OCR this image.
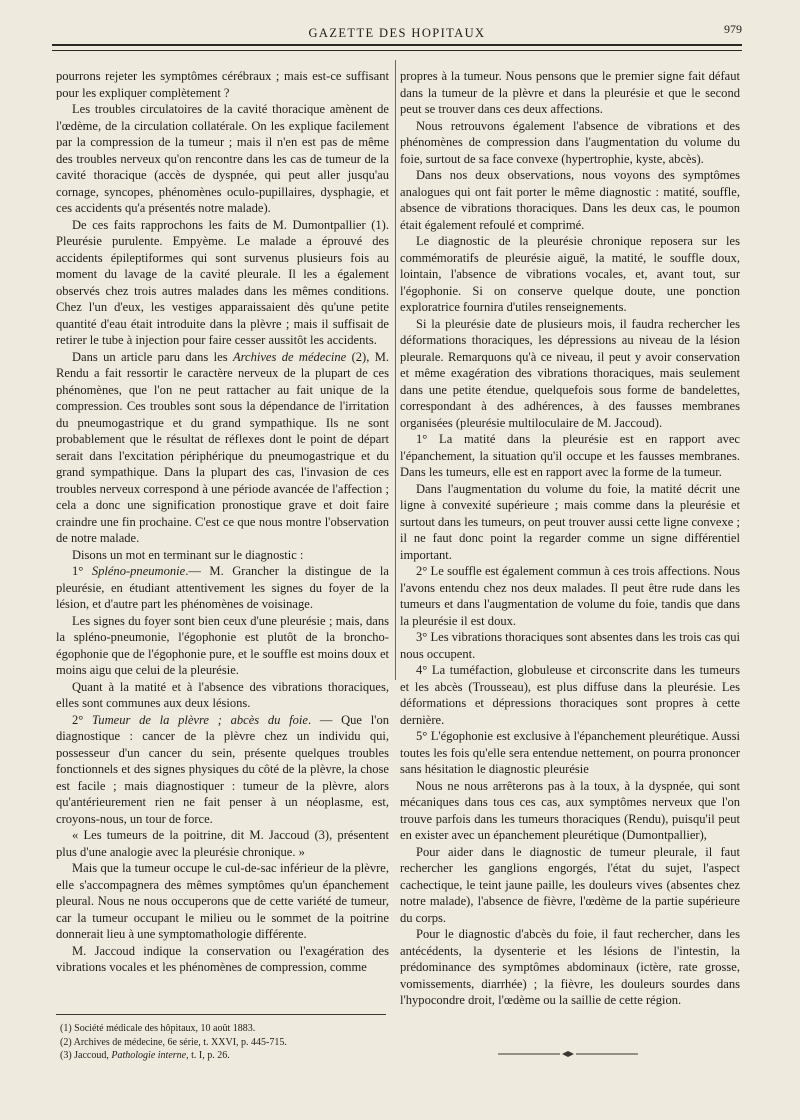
GAZETTE DES HOPITAUX	979

pourrons rejeter les symptômes cérébraux ; mais est-ce suffisant pour les expliquer complètement ?

Les troubles circulatoires de la cavité thoracique amènent de l'œdème, de la circulation collatérale. On les explique facilement par la compression de la tumeur ; mais il n'en est pas de même des troubles nerveux qu'on rencontre dans les cas de tumeur de la cavité thoracique (accès de dyspnée, qui peut aller jusqu'au cornage, syncopes, phénomènes oculo-pupillaires, dysphagie, et ces accidents qu'a présentés notre malade).

De ces faits rapprochons les faits de M. Dumontpallier (1). Pleurésie purulente. Empyème. Le malade a éprouvé des accidents épileptiformes qui sont survenus plusieurs fois au moment du lavage de la cavité pleurale. Il les a également observés chez trois autres malades dans les mêmes conditions. Chez l'un d'eux, les vestiges apparaissaient dès qu'une petite quantité d'eau était introduite dans la plèvre ; mais il suffisait de retirer le tube à injection pour faire cesser aussitôt les accidents.

Dans un article paru dans les Archives de médecine (2), M. Rendu a fait ressortir le caractère nerveux de la plupart de ces phénomènes, que l'on ne peut rattacher au fait unique de la compression. Ces troubles sont sous la dépendance de l'irritation du pneumogastrique et du grand sympathique. Ils ne sont probablement que le résultat de réflexes dont le point de départ serait dans l'excitation périphérique du pneumogastrique et du grand sympathique. Dans la plupart des cas, l'invasion de ces troubles nerveux correspond à une période avancée de l'affection ; cela a donc une signification pronostique grave et doit faire craindre une fin prochaine. C'est ce que nous montre l'observation de notre malade.

Disons un mot en terminant sur le diagnostic :

1° Spléno-pneumonie.— M. Grancher la distingue de la pleurésie, en étudiant attentivement les signes du foyer de la lésion, et d'autre part les phénomènes de voisinage.

Les signes du foyer sont bien ceux d'une pleurésie ; mais, dans la spléno-pneumonie, l'égophonie est plutôt de la broncho-égophonie que de l'égophonie pure, et le souffle est moins doux et moins aigu que celui de la pleurésie.

Quant à la matité et à l'absence des vibrations thoraciques, elles sont communes aux deux lésions.

2° Tumeur de la plèvre ; abcès du foie. — Que l'on diagnostique : cancer de la plèvre chez un individu qui, possesseur d'un cancer du sein, présente quelques troubles fonctionnels et des signes physiques du côté de la plèvre, la chose est facile ; mais diagnostiquer : tumeur de la plèvre, alors qu'antérieurement rien ne fait penser à un néoplasme, est, croyons-nous, un tour de force.

« Les tumeurs de la poitrine, dit M. Jaccoud (3), présentent plus d'une analogie avec la pleurésie chronique. »

Mais que la tumeur occupe le cul-de-sac inférieur de la plèvre, elle s'accompagnera des mêmes symptômes qu'un épanchement pleural. Nous ne nous occuperons que de cette variété de tumeur, car la tumeur occupant le milieu ou le sommet de la poitrine donnerait lieu à une symptomathologie différente.

M. Jaccoud indique la conservation ou l'exagération des vibrations vocales et les phénomènes de compression, comme

propres à la tumeur. Nous pensons que le premier signe fait défaut dans la tumeur de la plèvre et dans la pleurésie et que le second peut se trouver dans ces deux affections.

Nous retrouvons également l'absence de vibrations et des phénomènes de compression dans l'augmentation du volume du foie, surtout de sa face convexe (hypertrophie, kyste, abcès).

Dans nos deux observations, nous voyons des symptômes analogues qui ont fait porter le même diagnostic : matité, souffle, absence de vibrations thoraciques. Dans les deux cas, le poumon était également refoulé et comprimé.

Le diagnostic de la pleurésie chronique reposera sur les commémoratifs de pleurésie aiguë, la matité, le souffle doux, lointain, l'absence de vibrations vocales, et, avant tout, sur l'égophonie. Si on conserve quelque doute, une ponction exploratrice fournira d'utiles renseignements.

Si la pleurésie date de plusieurs mois, il faudra rechercher les déformations thoraciques, les dépressions au niveau de la lésion pleurale. Remarquons qu'à ce niveau, il peut y avoir conservation et même exagération des vibrations thoraciques, mais seulement dans une petite étendue, quelquefois sous forme de bandelettes, correspondant à des adhérences, à des fausses membranes organisées (pleurésie multiloculaire de M. Jaccoud).

1° La matité dans la pleurésie est en rapport avec l'épanchement, la situation qu'il occupe et les fausses membranes. Dans les tumeurs, elle est en rapport avec la forme de la tumeur.

Dans l'augmentation du volume du foie, la matité décrit une ligne à convexité supérieure ; mais comme dans la pleurésie et surtout dans les tumeurs, on peut trouver aussi cette ligne convexe ; il ne faut donc point la regarder comme un signe différentiel important.

2° Le souffle est également commun à ces trois affections. Nous l'avons entendu chez nos deux malades. Il peut être rude dans les tumeurs et dans l'augmentation de volume du foie, tandis que dans la pleurésie il est doux.

3° Les vibrations thoraciques sont absentes dans les trois cas qui nous occupent.

4° La tuméfaction, globuleuse et circonscrite dans les tumeurs et les abcès (Trousseau), est plus diffuse dans la pleurésie. Les déformations et dépressions thoraciques sont propres à cette dernière.

5° L'égophonie est exclusive à l'épanchement pleurétique. Aussi toutes les fois qu'elle sera entendue nettement, on pourra prononcer sans hésitation le diagnostic pleurésie

Nous ne nous arrêterons pas à la toux, à la dyspnée, qui sont mécaniques dans tous ces cas, aux symptômes nerveux que l'on trouve parfois dans les tumeurs thoraciques (Rendu), puisqu'il peut en exister avec un épanchement pleurétique (Dumontpallier),

Pour aider dans le diagnostic de tumeur pleurale, il faut rechercher les ganglions engorgés, l'état du sujet, l'aspect cachectique, le teint jaune paille, les douleurs vives (absentes chez notre malade), l'absence de fièvre, l'œdème de la partie supérieure du corps.

Pour le diagnostic d'abcès du foie, il faut rechercher, dans les antécédents, la dysenterie et les lésions de l'intestin, la prédominance des symptômes abdominaux (ictère, rate grosse, vomissements, diarrhée) ; la fièvre, les douleurs sourdes dans l'hypocondre droit, l'œdème ou la saillie de cette région.

(1) Société médicale des hôpitaux, 10 août 1883.
(2) Archives de médecine, 6e série, t. XXVI, p. 445-715.
(3) Jaccoud, Pathologie interne, t. I, p. 26.
